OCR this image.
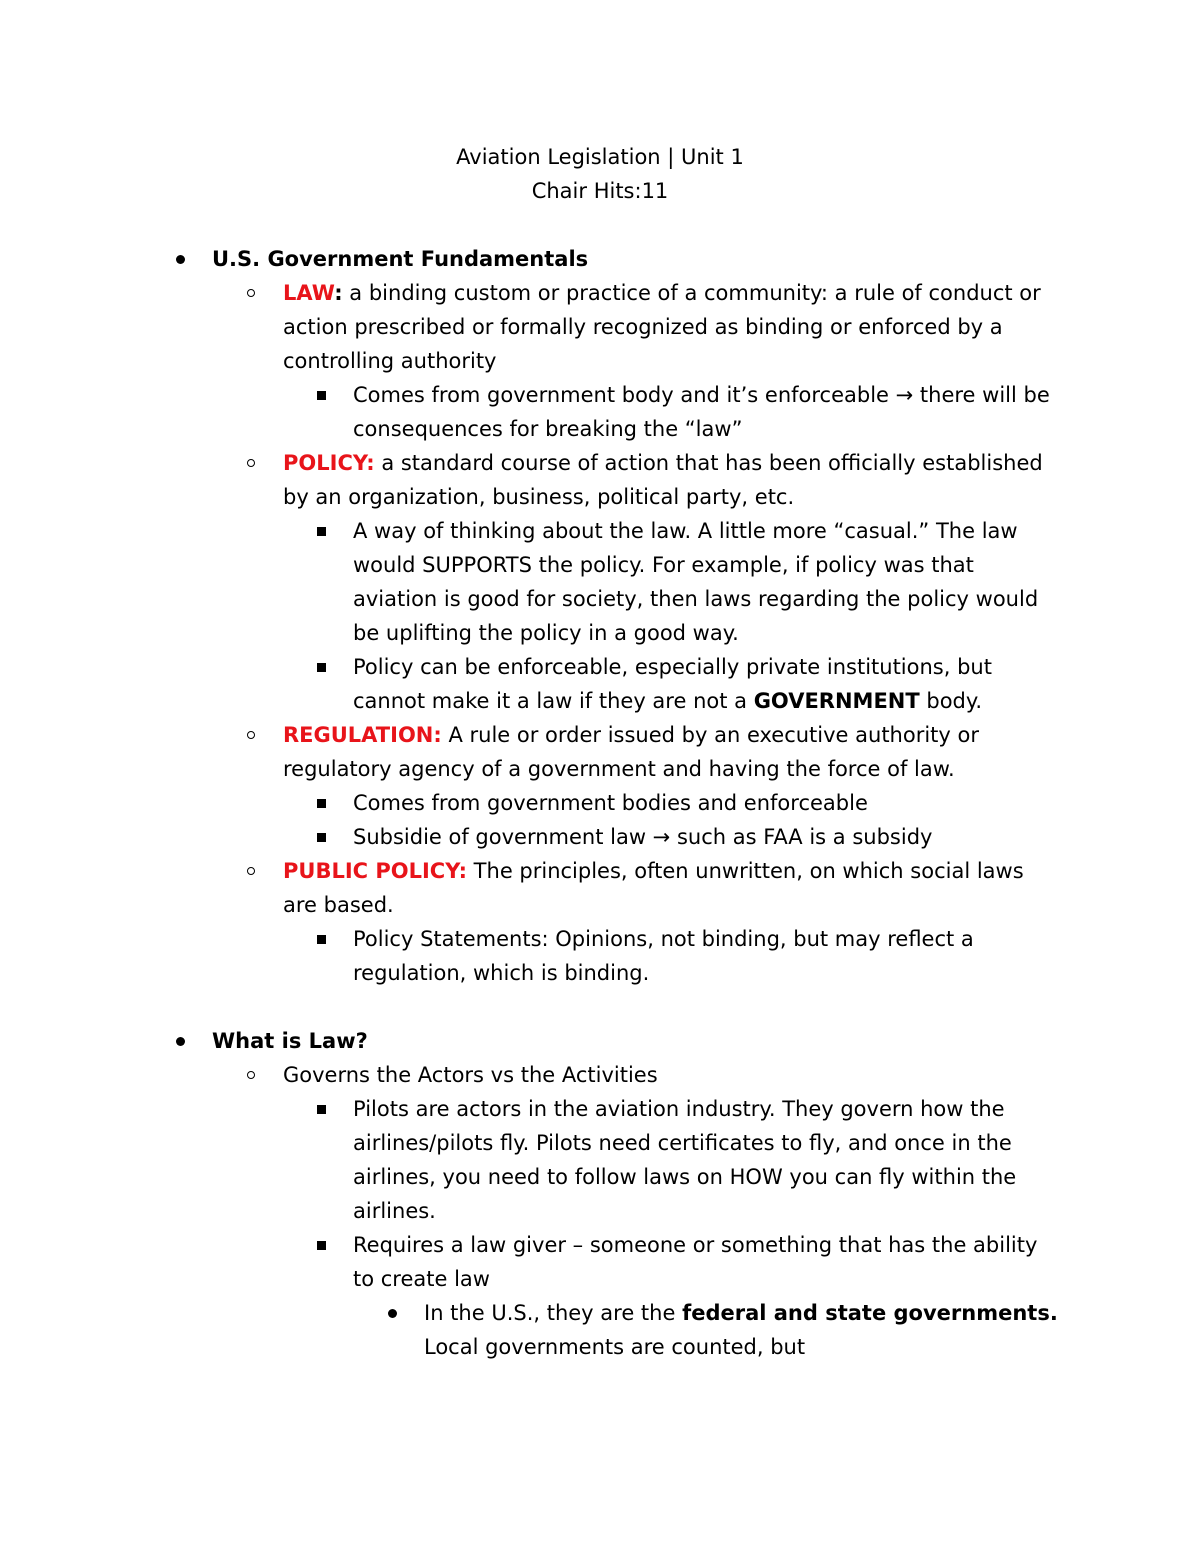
Aviation Legislation | Unit 1
Chair Hits:11
U.S. Government Fundamentals
LAW: a binding custom or practice of a community: a rule of conduct or action prescribed or formally recognized as binding or enforced by a controlling authority
Comes from government body and it’s enforceable → there will be consequences for breaking the “law”
POLICY: a standard course of action that has been officially established by an organization, business, political party, etc.
A way of thinking about the law. A little more “casual.” The law would SUPPORTS the policy. For example, if policy was that aviation is good for society, then laws regarding the policy would be uplifting the policy in a good way.
Policy can be enforceable, especially private institutions, but cannot make it a law if they are not a GOVERNMENT body.
REGULATION: A rule or order issued by an executive authority or regulatory agency of a government and having the force of law.
Comes from government bodies and enforceable
Subsidie of government law → such as FAA is a subsidy
PUBLIC POLICY: The principles, often unwritten, on which social laws are based.
Policy Statements: Opinions, not binding, but may reflect a regulation, which is binding.
What is Law?
Governs the Actors vs the Activities
Pilots are actors in the aviation industry. They govern how the airlines/pilots fly. Pilots need certificates to fly, and once in the airlines, you need to follow laws on HOW you can fly within the airlines.
Requires a law giver – someone or something that has the ability to create law
In the U.S., they are the federal and state governments. Local governments are counted, but
